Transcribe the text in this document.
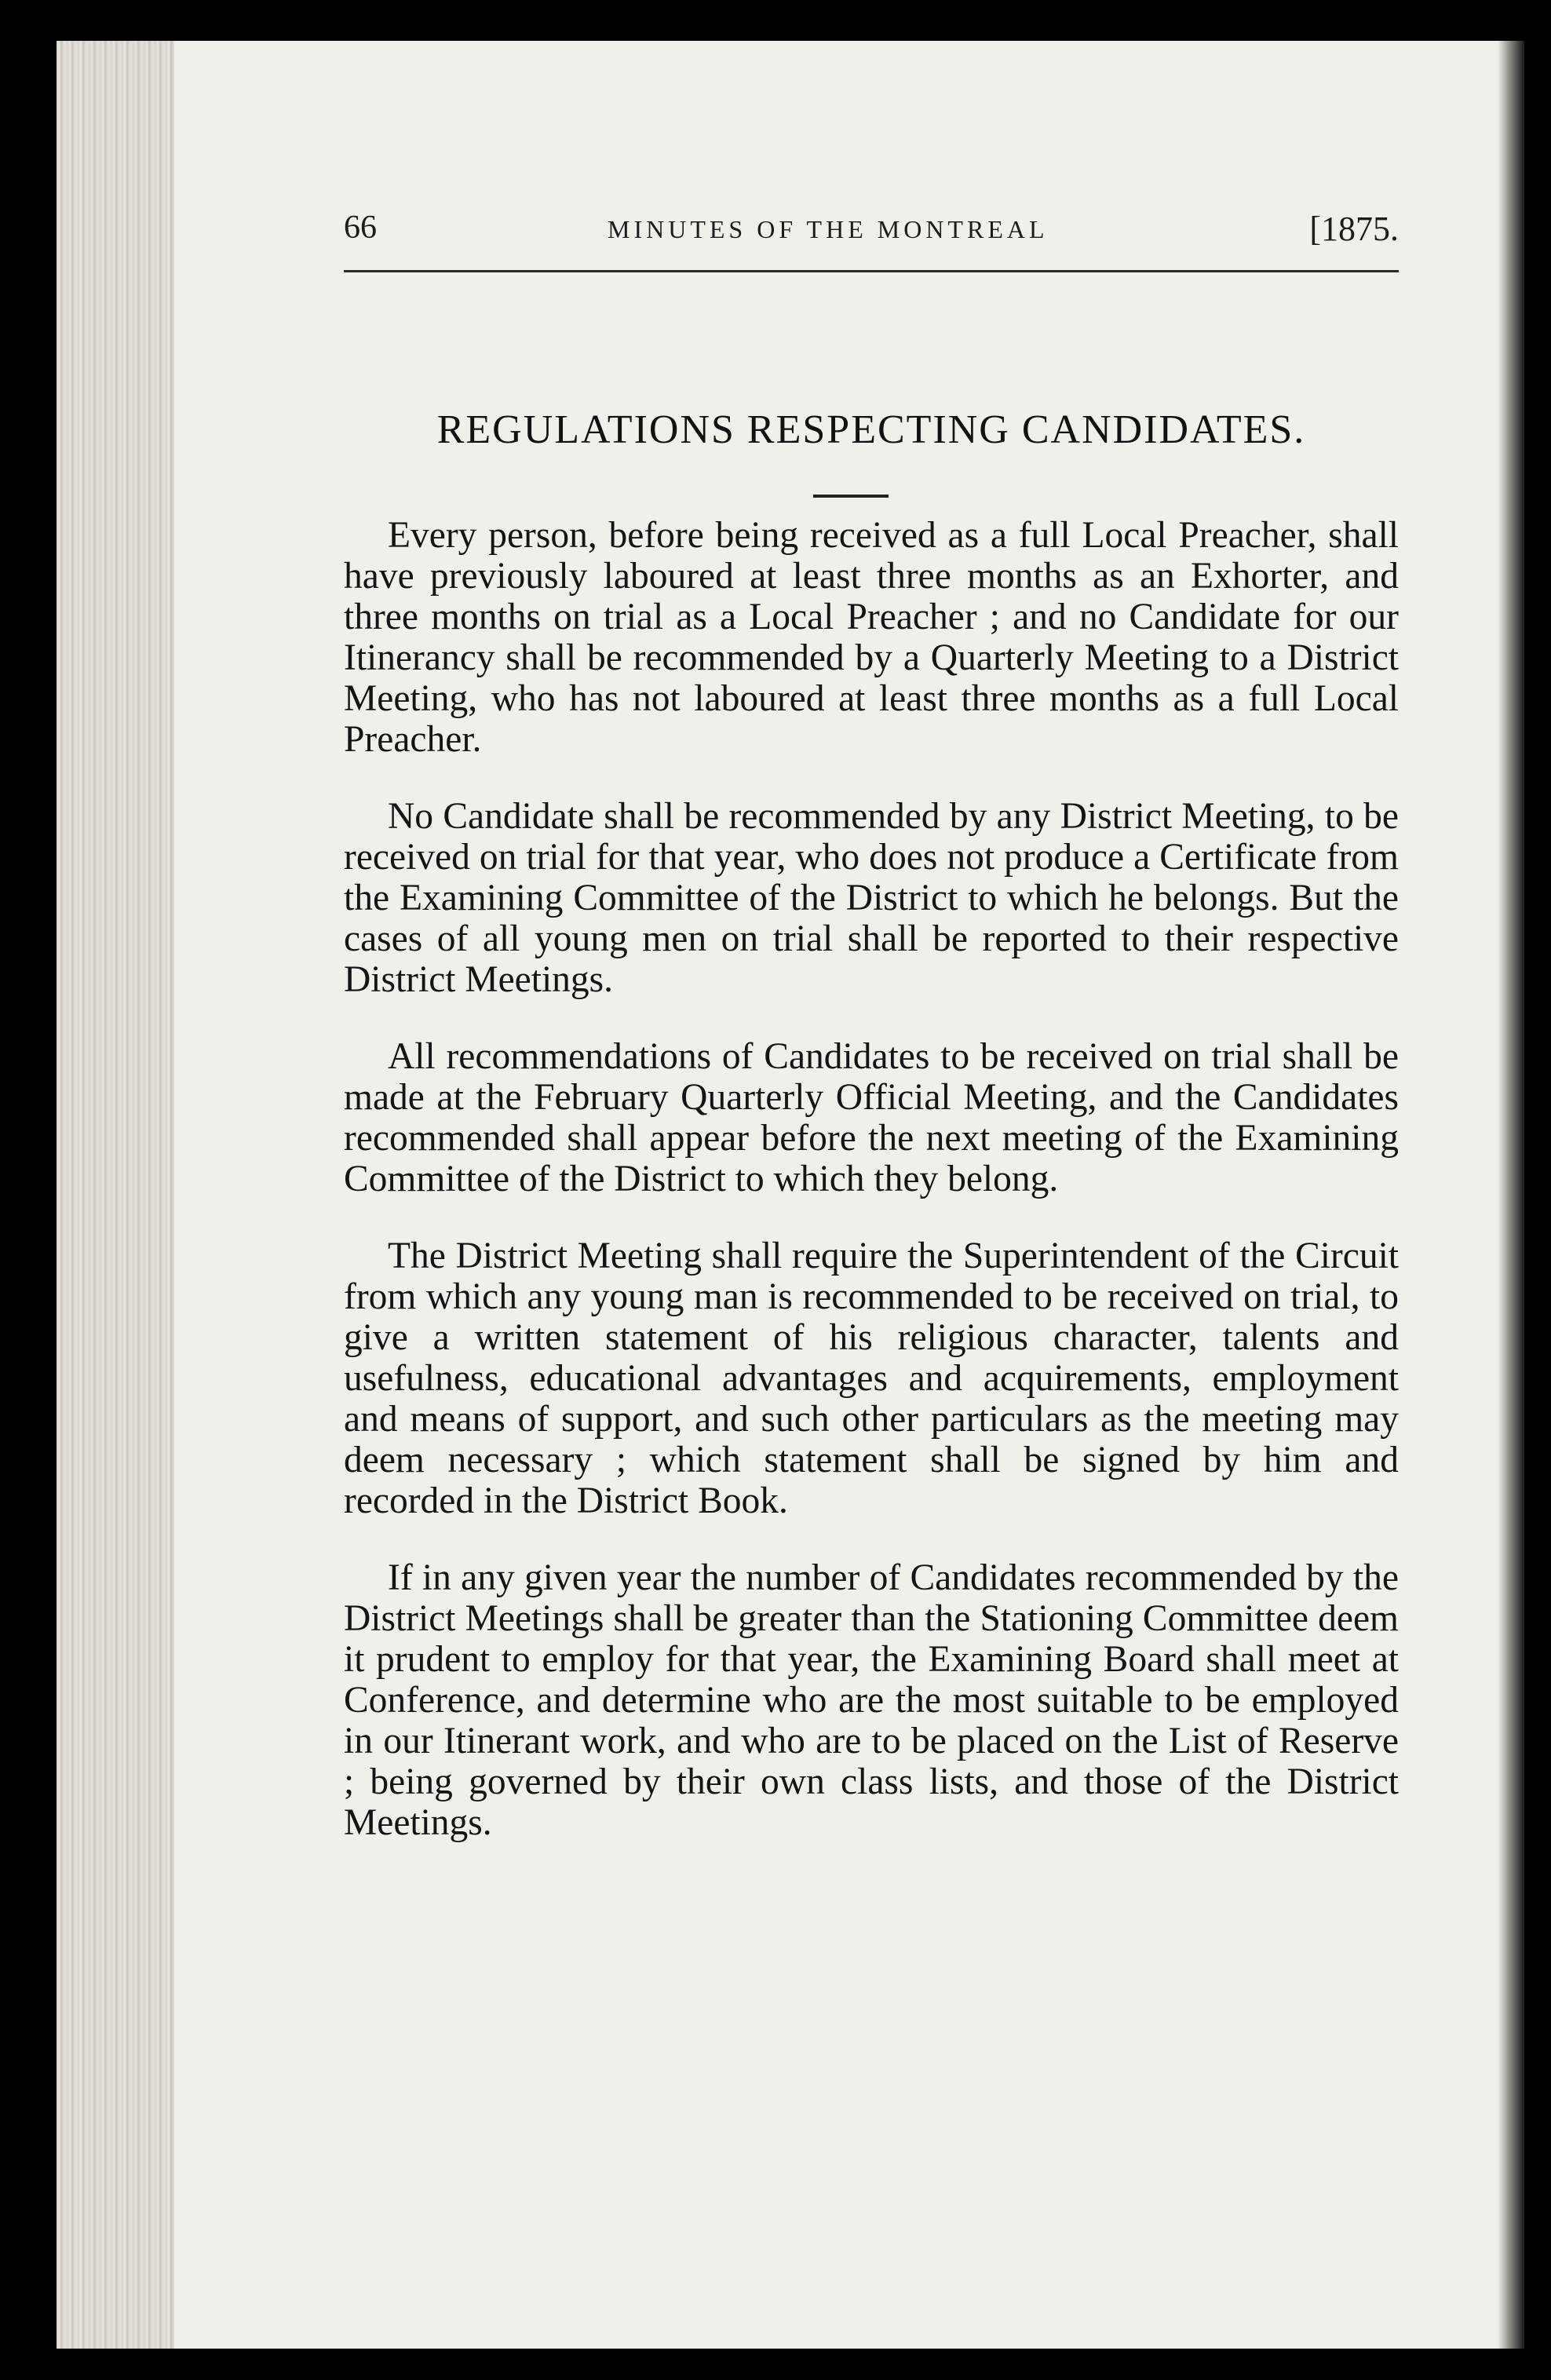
66	MINUTES OF THE MONTREAL	[1875.
REGULATIONS RESPECTING CANDIDATES.

Every person, before being received as a full Local Preacher, shall have previously laboured at least three months as an Exhorter, and three months on trial as a Local Preacher ; and no Candidate for our Itinerancy shall be recommended by a Quarterly Meeting to a District Meeting, who has not laboured at least three months as a full Local Preacher.

No Candidate shall be recommended by any District Meeting, to be received on trial for that year, who does not produce a Certificate from the Examining Committee of the District to which he belongs. But the cases of all young men on trial shall be reported to their respective District Meetings.

All recommendations of Candidates to be received on trial shall be made at the February Quarterly Official Meeting, and the Candidates recommended shall appear before the next meeting of the Examining Committee of the District to which they belong.

The District Meeting shall require the Superintendent of the Circuit from which any young man is recommended to be received on trial, to give a written statement of his religious character, talents and usefulness, educational advantages and acquirements, employment and means of support, and such other particulars as the meeting may deem necessary ; which statement shall be signed by him and recorded in the District Book.

If in any given year the number of Candidates recommended by the District Meetings shall be greater than the Stationing Committee deem it prudent to employ for that year, the Examining Board shall meet at Conference, and determine who are the most suitable to be employed in our Itinerant work, and who are to be placed on the List of Reserve ; being governed by their own class lists, and those of the District Meetings.
